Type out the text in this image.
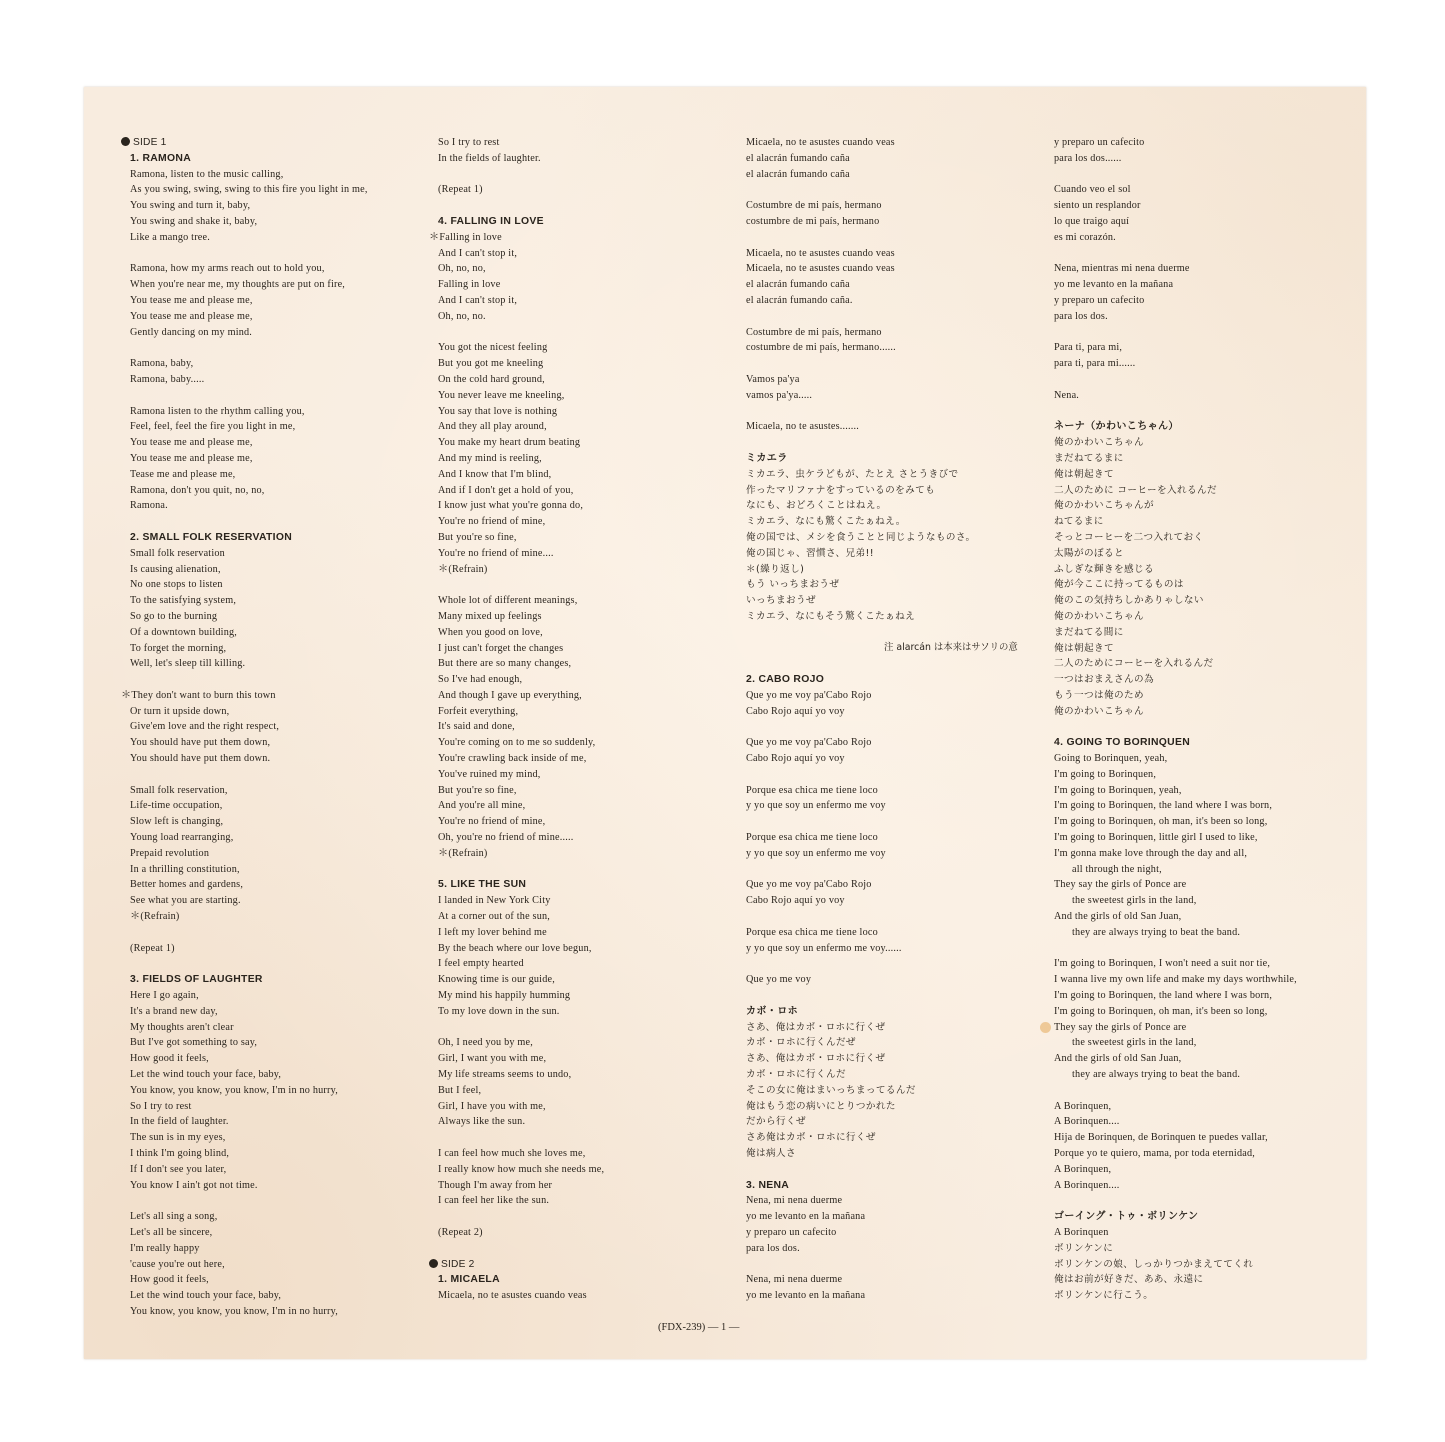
SIDE 1
1. RAMONA
Ramona, listen to the music calling,
As you swing, swing, swing to this fire you light in me,
You swing and turn it, baby,
You swing and shake it, baby,
Like a mango tree.
Ramona, how my arms reach out to hold you,
When you're near me, my thoughts are put on fire,
You tease me and please me,
You tease me and please me,
Gently dancing on my mind.
Ramona, baby,
Ramona, baby.....
Ramona listen to the rhythm calling you,
Feel, feel, feel the fire you light in me,
You tease me and please me,
You tease me and please me,
Tease me and please me,
Ramona, don't you quit, no, no,
Ramona.
2. SMALL FOLK RESERVATION
Small folk reservation
Is causing alienation,
No one stops to listen
To the satisfying system,
So go to the burning
Of a downtown building,
To forget the morning,
Well, let's sleep till killing.
＊They don't want to burn this town
Or turn it upside down,
Give'em love and the right respect,
You should have put them down,
You should have put them down.
Small folk reservation,
Life-time occupation,
Slow left is changing,
Young load rearranging,
Prepaid revolution
In a thrilling constitution,
Better homes and gardens,
See what you are starting.
＊(Refrain)
(Repeat 1)
3. FIELDS OF LAUGHTER
Here I go again,
It's a brand new day,
My thoughts aren't clear
But I've got something to say,
How good it feels,
Let the wind touch your face, baby,
You know, you know, you know, I'm in no hurry,
So I try to rest
In the field of laughter.
The sun is in my eyes,
I think I'm going blind,
If I don't see you later,
You know I ain't got not time.
Let's all sing a song,
Let's all be sincere,
I'm really happy
'cause you're out here,
How good it feels,
Let the wind touch your face, baby,
You know, you know, you know, I'm in no hurry,
So I try to rest
In the fields of laughter.
(Repeat 1)
4. FALLING IN LOVE
＊Falling in love
And I can't stop it,
Oh, no, no,
Falling in love
And I can't stop it,
Oh, no, no.
You got the nicest feeling
But you got me kneeling
On the cold hard ground,
You never leave me kneeling,
You say that love is nothing
And they all play around,
You make my heart drum beating
And my mind is reeling,
And I know that I'm blind,
And if I don't get a hold of you,
I know just what you're gonna do,
You're no friend of mine,
But you're so fine,
You're no friend of mine....
＊(Refrain)
Whole lot of different meanings,
Many mixed up feelings
When you good on love,
I just can't forget the changes
But there are so many changes,
So I've had enough,
And though I gave up everything,
Forfeit everything,
It's said and done,
You're coming on to me so suddenly,
You're crawling back inside of me,
You've ruined my mind,
But you're so fine,
And you're all mine,
You're no friend of mine,
Oh, you're no friend of mine.....
＊(Refrain)
5. LIKE THE SUN
I landed in New York City
At a corner out of the sun,
I left my lover behind me
By the beach where our love begun,
I feel empty hearted
Knowing time is our guide,
My mind his happily humming
To my love down in the sun.
Oh, I need you by me,
Girl, I want you with me,
My life streams seems to undo,
But I feel,
Girl, I have you with me,
Always like the sun.
I can feel how much she loves me,
I really know how much she needs me,
Though I'm away from her
I can feel her like the sun.
(Repeat 2)
SIDE 2
1. MICAELA
Micaela, no te asustes cuando veas
Micaela, no te asustes cuando veas
el alacrán fumando caña
el alacrán fumando caña
Costumbre de mi país, hermano
costumbre de mi país, hermano
Micaela, no te asustes cuando veas
Micaela, no te asustes cuando veas
el alacrán fumando caña
el alacrán fumando caña.
Costumbre de mi país, hermano
costumbre de mi país, hermano......
Vamos pa'ya
vamos pa'ya.....
Micaela, no te asustes.......
ミカエラ
ミカエラ、虫ケラどもが、たとえ さとうきびで
作ったマリファナをすっているのをみても
なにも、おどろくことはねえ。
ミカエラ、なにも驚くこたぁねえ。
俺の国では、メシを食うことと同じようなものさ。
俺の国じゃ、習慣さ、兄弟!!
＊(繰り返し)
もう いっちまおうぜ
いっちまおうぜ
ミカエラ、なにもそう驚くこたぁねえ
2. CABO ROJO
Que yo me voy pa'Cabo Rojo
Cabo Rojo aquí yo voy
Que yo me voy pa'Cabo Rojo
Cabo Rojo aquí yo voy
Porque esa chica me tiene loco
y yo que soy un enfermo me voy
Porque esa chica me tiene loco
y yo que soy un enfermo me voy
Que yo me voy pa'Cabo Rojo
Cabo Rojo aquí yo voy
Porque esa chica me tiene loco
y yo que soy un enfermo me voy......
Que yo me voy
カボ・ロホ
さあ、俺はカボ・ロホに行くぜ
カボ・ロホに行くんだぜ
さあ、俺はカボ・ロホに行くぜ
カボ・ロホに行くんだ
そこの女に俺はまいっちまってるんだ
俺はもう恋の病いにとりつかれた
だから行くぜ
さあ俺はカボ・ロホに行くぜ
俺は病人さ
3. NENA
Nena, mi nena duerme
yo me levanto en la mañana
y preparo un cafecito
para los dos.
Nena, mi nena duerme
yo me levanto en la mañana
y preparo un cafecito
para los dos......
Cuando veo el sol
siento un resplandor
lo que traigo aquí
es mi corazón.
Nena, mientras mi nena duerme
yo me levanto en la mañana
y preparo un cafecito
para los dos.
Para ti, para mi,
para ti, para mi......
Nena.
ネーナ（かわいこちゃん）
俺のかわいこちゃん
まだねてるまに
俺は朝起きて
二人のために コーヒーを入れるんだ
俺のかわいこちゃんが
ねてるまに
そっとコーヒーを二つ入れておく
太陽がのぼると
ふしぎな輝きを感じる
俺が今ここに持ってるものは
俺のこの気持ちしかありゃしない
俺のかわいこちゃん
まだねてる間に
俺は朝起きて
二人のためにコーヒーを入れるんだ
一つはおまえさんの為
もう一つは俺のため
俺のかわいこちゃん
4. GOING TO BORINQUEN
Going to Borinquen, yeah,
I'm going to Borinquen,
I'm going to Borinquen, yeah,
I'm going to Borinquen, the land where I was born,
I'm going to Borinquen, oh man, it's been so long,
I'm going to Borinquen, little girl I used to like,
I'm gonna make love through the day and all,
all through the night,
They say the girls of Ponce are
the sweetest girls in the land,
And the girls of old San Juan,
they are always trying to beat the band.
I'm going to Borinquen, I won't need a suit nor tie,
I wanna live my own life and make my days worthwhile,
I'm going to Borinquen, the land where I was born,
I'm going to Borinquen, oh man, it's been so long,
They say the girls of Ponce are
the sweetest girls in the land,
And the girls of old San Juan,
they are always trying to beat the band.
A Borinquen,
A Borinquen....
Hija de Borinquen, de Borinquen te puedes vallar,
Porque yo te quiero, mama, por toda eternidad,
A Borinquen,
A Borinquen....
ゴーイング・トゥ・ボリンケン
A Borinquen
ボリンケンに
ボリンケンの娘、しっかりつかまえててくれ
俺はお前が好きだ、ああ、永遠に
ボリンケンに行こう。
注 alarcán は本来はサソリの意
(FDX-239) — 1 —
